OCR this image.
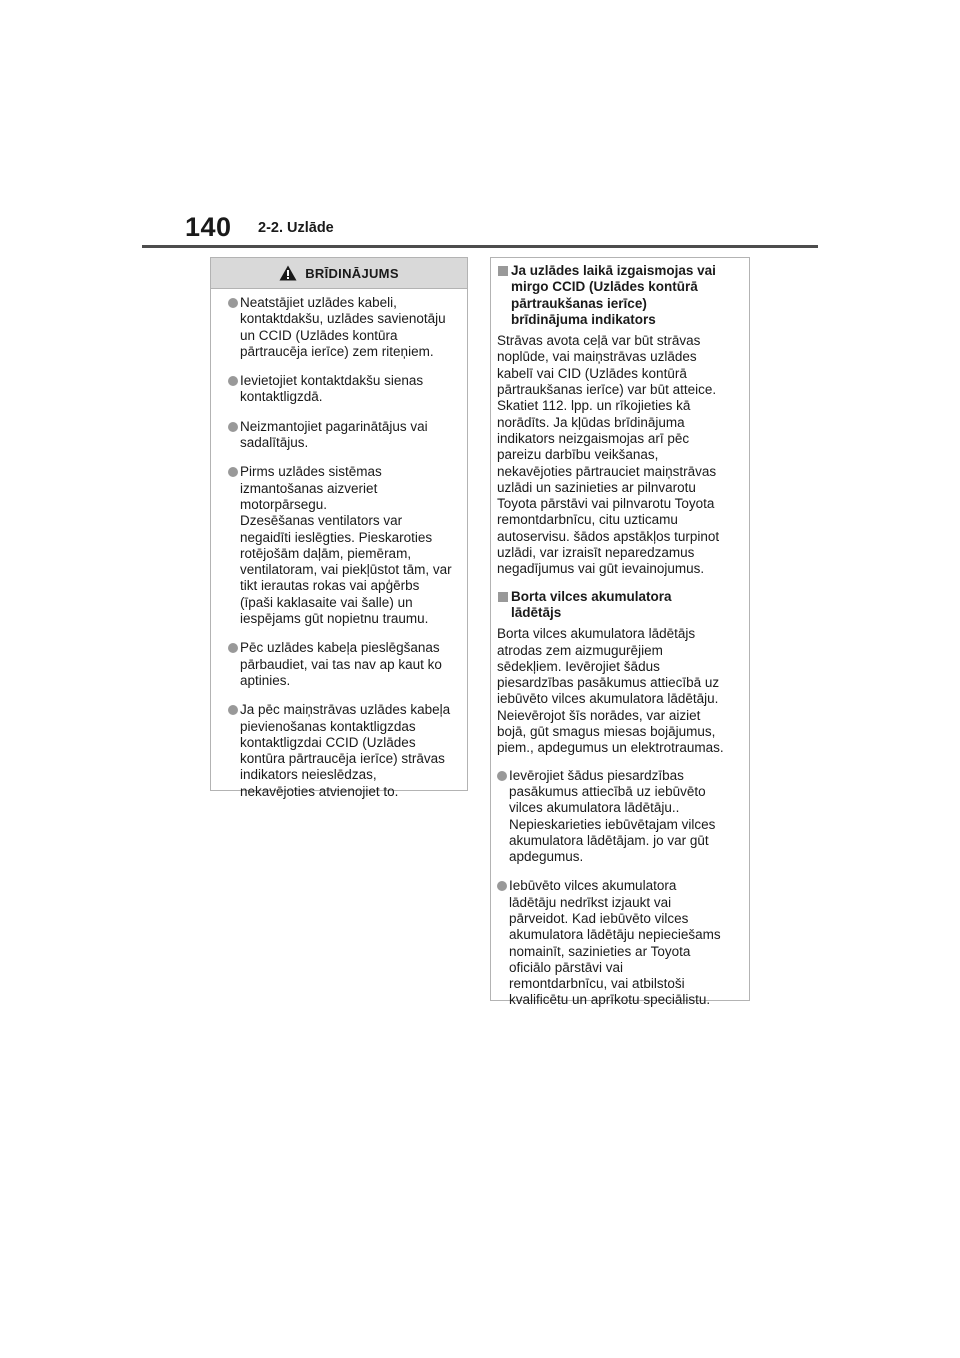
140 2-2. Uzlāde
BRĪDINĀJUMS
Neatstājiet uzlādes kabeli,
kontaktdakšu, uzlādes savienotāju
un CCID (Uzlādes kontūra
pārtraucēja ierīce) zem riteņiem.
Ievietojiet kontaktdakšu sienas
kontaktligzdā.
Neizmantojiet pagarinātājus vai
sadalītājus.
Pirms uzlādes sistēmas
izmantošanas aizveriet
motorpārsegu.
Dzesēšanas ventilators var
negaidīti ieslēgties. Pieskaroties
rotējošām daļām, piemēram,
ventilatoram, vai piekļūstot tām, var
tikt ierautas rokas vai apģērbs
(īpaši kaklasaite vai šalle) un
iespējams gūt nopietnu traumu.
Pēc uzlādes kabeļa pieslēgšanas
pārbaudiet, vai tas nav ap kaut ko
aptinies.
Ja pēc maiņstrāvas uzlādes kabeļa
pievienošanas kontaktligzdas
kontaktligzdai CCID (Uzlādes
kontūra pārtraucēja ierīce) strāvas
indikators neieslēdzas,
nekavējoties atvienojiet to.
Ja uzlādes laikā izgaismojas vai
mirgo CCID (Uzlādes kontūrā
pārtraukšanas ierīce)
brīdinājuma indikators
Strāvas avota ceļā var būt strāvas
noplūde, vai maiņstrāvas uzlādes
kabelī vai CID (Uzlādes kontūrā
pārtraukšanas ierīce) var būt atteice.
Skatiet 112. lpp. un rīkojieties kā
norādīts. Ja kļūdas brīdinājuma
indikators neizgaismojas arī pēc
pareizu darbību veikšanas,
nekavējoties pārtrauciet maiņstrāvas
uzlādi un sazinieties ar pilnvarotu
Toyota pārstāvi vai pilnvarotu Toyota
remontdarbnīcu, citu uzticamu
autoservisu. šādos apstākļos turpinot
uzlādi, var izraisīt neparedzamus
negadījumus vai gūt ievainojumus.
Borta vilces akumulatora
lādētājs
Borta vilces akumulatora lādētājs
atrodas zem aizmugurējiem
sēdekļiem. Ievērojiet šādus
piesardzības pasākumus attiecībā uz
iebūvēto vilces akumulatora lādētāju.
Neievērojot šīs norādes, var aiziet
bojā, gūt smagus miesas bojājumus,
piem., apdegumus un elektrotraumas.
Ievērojiet šādus piesardzības
pasākumus attiecībā uz iebūvēto
vilces akumulatora lādētāju..
Nepieskarieties iebūvētajam vilces
akumulatora lādētājam. jo var gūt
apdegumus.
Iebūvēto vilces akumulatora
lādētāju nedrīkst izjaukt vai
pārveidot. Kad iebūvēto vilces
akumulatora lādētāju nepieciešams
nomainīt, sazinieties ar Toyota
oficiālo pārstāvi vai
remontdarbnīcu, vai atbilstoši
kvalificētu un aprīkotu speciālistu.
